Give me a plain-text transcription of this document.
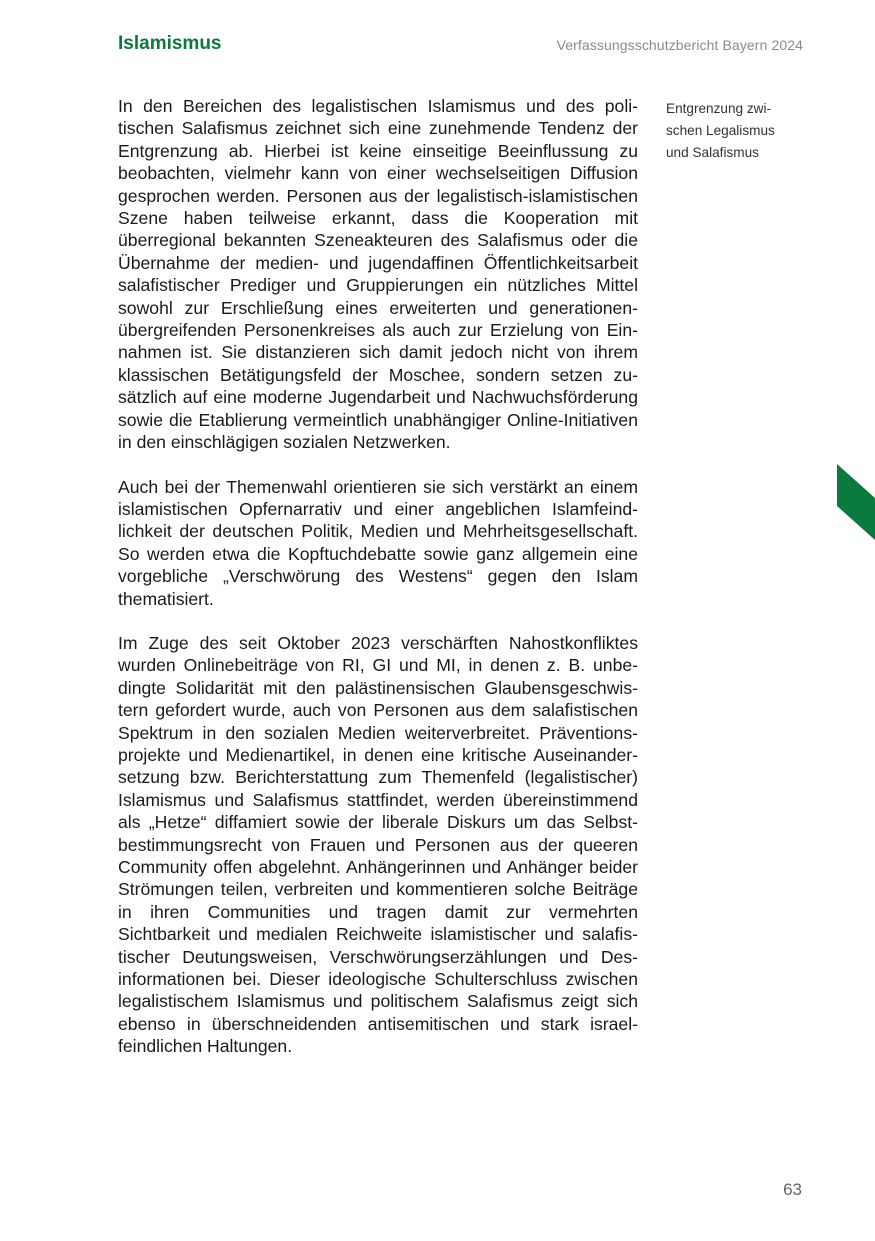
Islamismus	Verfassungsschutzbericht Bayern 2024

In den Bereichen des legalistischen Islamismus und des politischen Salafismus zeichnet sich eine zunehmende Tendenz der Entgrenzung ab. Hierbei ist keine einseitige Beeinflussung zu beobachten, vielmehr kann von einer wechselseitigen Diffusion gesprochen werden. Personen aus der legalistisch-islamistischen Szene haben teilweise erkannt, dass die Kooperation mit überregional bekannten Szeneakteuren des Salafismus oder die Übernahme der medien- und jugendaffinen Öffentlichkeitsarbeit salafistischer Prediger und Gruppierungen ein nützliches Mittel sowohl zur Erschließung eines erweiterten und generationenübergreifenden Personenkreises als auch zur Erzielung von Einnahmen ist. Sie distanzieren sich damit jedoch nicht von ihrem klassischen Betätigungsfeld der Moschee, sondern setzen zusätzlich auf eine moderne Jugendarbeit und Nachwuchsförderung sowie die Etablierung vermeintlich unabhängiger Online-Initiativen in den einschlägigen sozialen Netzwerken.

Auch bei der Themenwahl orientieren sie sich verstärkt an einem islamistischen Opfernarrativ und einer angeblichen Islamfeindlichkeit der deutschen Politik, Medien und Mehrheitsgesellschaft. So werden etwa die Kopftuchdebatte sowie ganz allgemein eine vorgebliche „Verschwörung des Westens“ gegen den Islam thematisiert.

Im Zuge des seit Oktober 2023 verschärften Nahostkonfliktes wurden Onlinebeiträge von RI, GI und MI, in denen z. B. unbedingte Solidarität mit den palästinensischen Glaubensgeschwistern gefordert wurde, auch von Personen aus dem salafistischen Spektrum in den sozialen Medien weiterverbreitet. Präventionsprojekte und Medienartikel, in denen eine kritische Auseinandersetzung bzw. Berichterstattung zum Themenfeld (legalistischer) Islamismus und Salafismus stattfindet, werden übereinstimmend als „Hetze“ diffamiert sowie der liberale Diskurs um das Selbstbestimmungsrecht von Frauen und Personen aus der queeren Community offen abgelehnt. Anhängerinnen und Anhänger beider Strömungen teilen, verbreiten und kommentieren solche Beiträge in ihren Communities und tragen damit zur vermehrten Sichtbarkeit und medialen Reichweite islamistischer und salafistischer Deutungsweisen, Verschwörungserzählungen und Desinformationen bei. Dieser ideologische Schulterschluss zwischen legalistischem Islamismus und politischem Salafismus zeigt sich ebenso in überschneidenden antisemitischen und stark israelfeindlichen Haltungen.

Entgrenzung zwi-
schen Legalismus
und Salafismus
63
